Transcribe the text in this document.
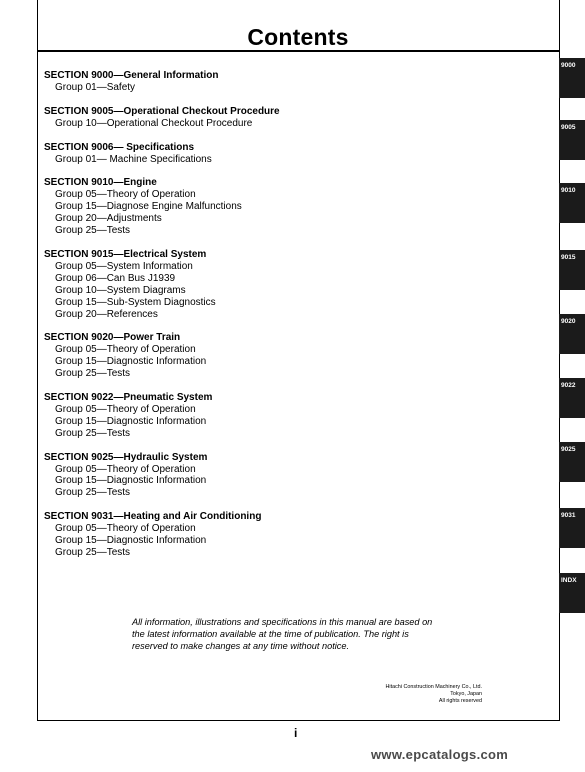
Contents
SECTION 9000—General Information
Group 01—Safety
SECTION 9005—Operational Checkout Procedure
Group 10—Operational Checkout Procedure
SECTION 9006— Specifications
Group 01— Machine Specifications
SECTION 9010—Engine
Group 05—Theory of Operation
Group 15—Diagnose Engine Malfunctions
Group 20—Adjustments
Group 25—Tests
SECTION 9015—Electrical System
Group 05—System Information
Group 06—Can Bus J1939
Group 10—System Diagrams
Group 15—Sub-System Diagnostics
Group 20—References
SECTION 9020—Power Train
Group 05—Theory of Operation
Group 15—Diagnostic Information
Group 25—Tests
SECTION 9022—Pneumatic System
Group 05—Theory of Operation
Group 15—Diagnostic Information
Group 25—Tests
SECTION 9025—Hydraulic System
Group 05—Theory of Operation
Group 15—Diagnostic Information
Group 25—Tests
SECTION 9031—Heating and Air Conditioning
Group 05—Theory of Operation
Group 15—Diagnostic Information
Group 25—Tests
All information, illustrations and specifications in this manual are based on
the latest information available at the time of publication. The right is
reserved to make changes at any time without notice.
Hitachi Construction Machinery Co., Ltd.
Tokyo, Japan
All rights reserved
i
www.epcatalogs.com
9000
9005
9010
9015
9020
9022
9025
9031
INDX
